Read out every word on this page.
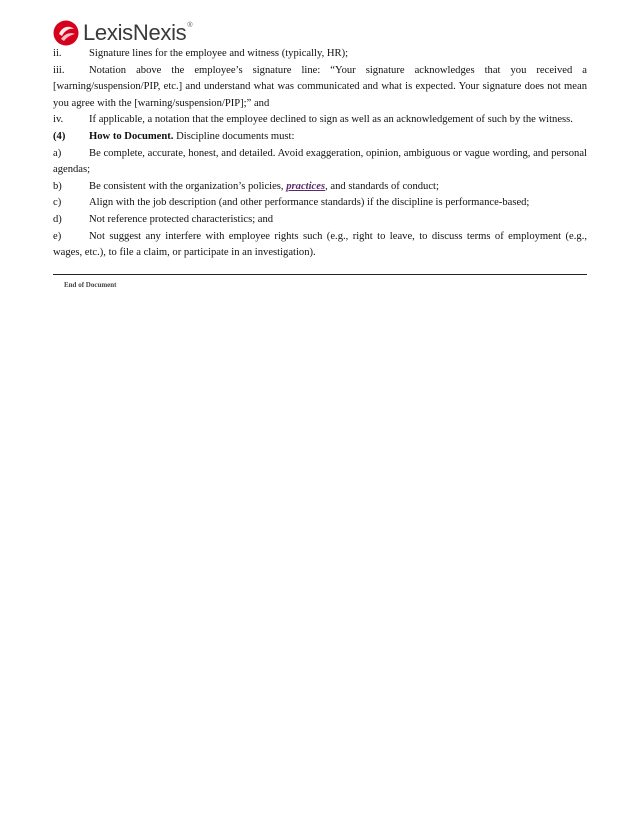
LexisNexis®
ii.	Signature lines for the employee and witness (typically, HR);
iii. Notation above the employee’s signature line: “Your signature acknowledges that you received a [warning/suspension/PIP, etc.] and understand what was communicated and what is expected. Your signature does not mean you agree with the [warning/suspension/PIP];” and
iv. If applicable, a notation that the employee declined to sign as well as an acknowledgement of such by the witness.
(4) How to Document. Discipline documents must:
a)	Be complete, accurate, honest, and detailed. Avoid exaggeration, opinion, ambiguous or vague wording, and personal agendas;
b)	Be consistent with the organization’s policies, practices, and standards of conduct;
c)	Align with the job description (and other performance standards) if the discipline is performance-based;
d)	Not reference protected characteristics; and
e)	Not suggest any interfere with employee rights such (e.g., right to leave, to discuss terms of employment (e.g., wages, etc.), to file a claim, or participate in an investigation).
End of Document
